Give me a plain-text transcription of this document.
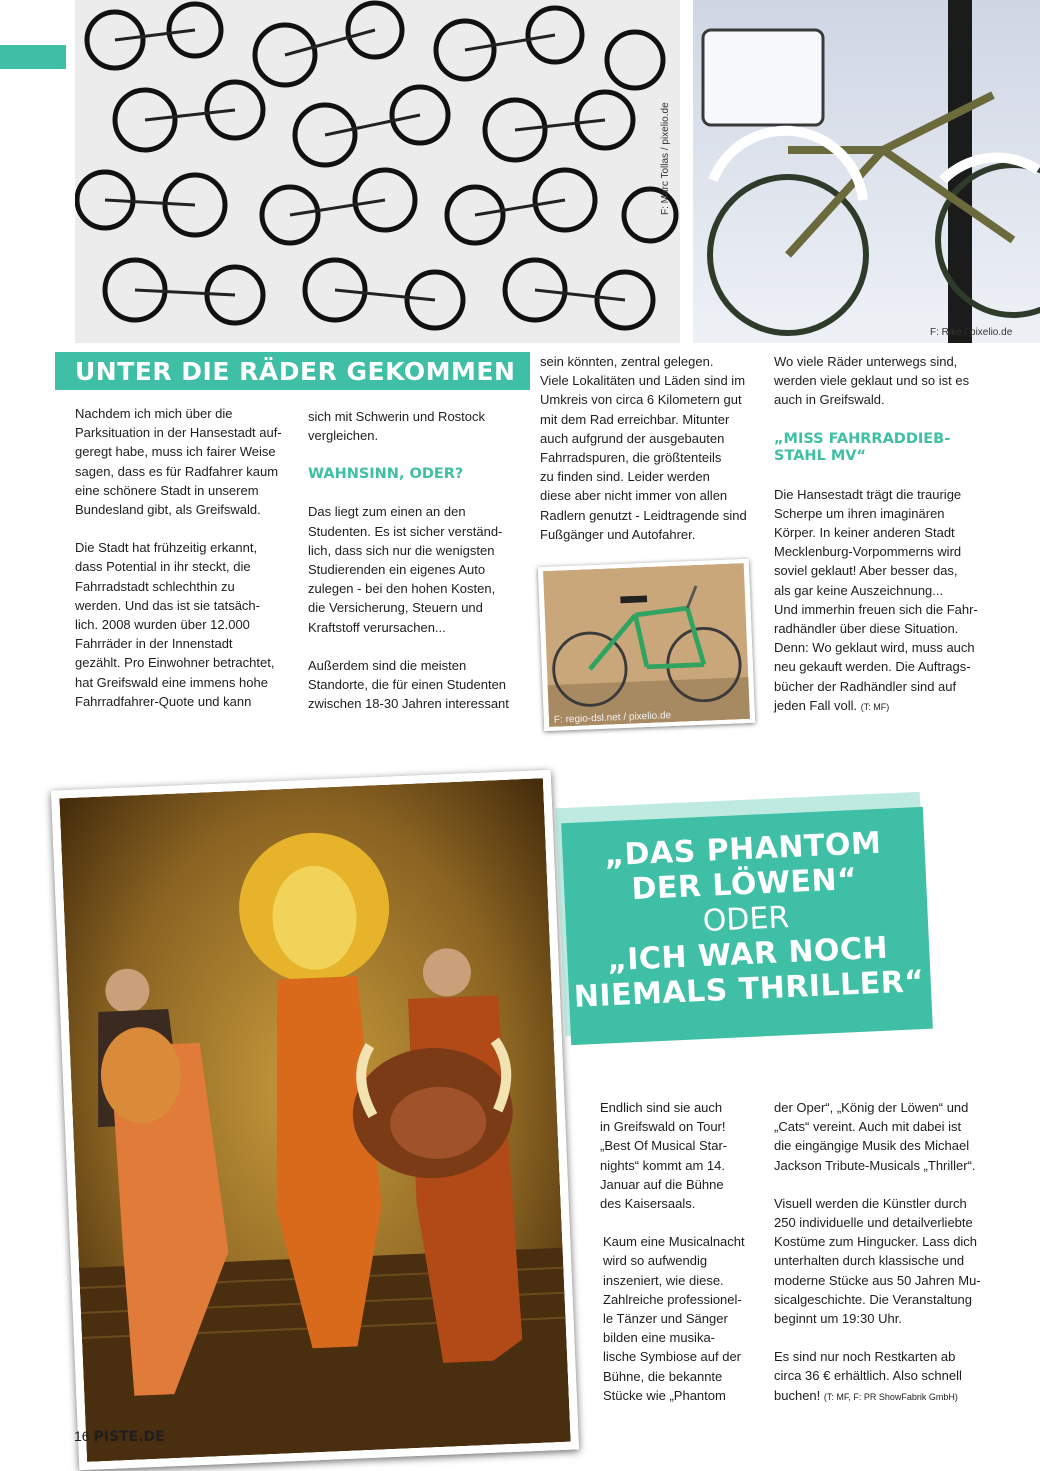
F: Marc Tollas / pixelio.de
F: Rike / pixelio.de
UNTER DIE RÄDER GEKOMMEN

Nachdem ich mich über die
Parksituation in der Hansestadt auf-
geregt habe, muss ich fairer Weise
sagen, dass es für Radfahrer kaum
eine schönere Stadt in unserem
Bundesland gibt, als Greifswald.

Die Stadt hat frühzeitig erkannt,
dass Potential in ihr steckt, die
Fahrradstadt schlechthin zu
werden. Und das ist sie tatsäch-
lich. 2008 wurden über 12.000
Fahrräder in der Innenstadt
gezählt. Pro Einwohner betrachtet,
hat Greifswald eine immens hohe
Fahrradfahrer-Quote und kann

sich mit Schwerin und Rostock
vergleichen.

WAHNSINN, ODER?

Das liegt zum einen an den
Studenten. Es ist sicher verständ-
lich, dass sich nur die wenigsten
Studierenden ein eigenes Auto
zulegen - bei den hohen Kosten,
die Versicherung, Steuern und
Kraftstoff verursachen...

Außerdem sind die meisten
Standorte, die für einen Studenten
zwischen 18-30 Jahren interessant

sein könnten, zentral gelegen.
Viele Lokalitäten und Läden sind im
Umkreis von circa 6 Kilometern gut
mit dem Rad erreichbar. Mitunter
auch aufgrund der ausgebauten
Fahrradspuren, die größtenteils
zu finden sind. Leider werden
diese aber nicht immer von allen
Radlern genutzt - Leidtragende sind
Fußgänger und Autofahrer.

Wo viele Räder unterwegs sind,
werden viele geklaut und so ist es
auch in Greifswald.

„MISS FAHRRADDIEB-
STAHL MV“

Die Hansestadt trägt die traurige
Scherpe um ihren imaginären
Körper. In keiner anderen Stadt
Mecklenburg-Vorpommerns wird
soviel geklaut! Aber besser das,
als gar keine Auszeichnung...
Und immerhin freuen sich die Fahr-
radhändler über diese Situation.
Denn: Wo geklaut wird, muss auch
neu gekauft werden. Die Auftrags-
bücher der Radhändler sind auf
jeden Fall voll. (T: MF)

F: regio-dsl.net / pixelio.de
„DAS PHANTOM
DER LÖWEN“
ODER
„ICH WAR NOCH
NIEMALS THRILLER“

Endlich sind sie auch
in Greifswald on Tour!
„Best Of Musical Star-
nights“ kommt am 14.
Januar auf die Bühne
des Kaisersaals.

Kaum eine Musicalnacht
wird so aufwendig
inszeniert, wie diese.
Zahlreiche professionel-
le Tänzer und Sänger
bilden eine musika-
lische Symbiose auf der
Bühne, die bekannte
Stücke wie „Phantom

der Oper“, „König der Löwen“ und
„Cats“ vereint. Auch mit dabei ist
die eingängige Musik des Michael
Jackson Tribute-Musicals „Thriller“.

Visuell werden die Künstler durch
250 individuelle und detailverliebte
Kostüme zum Hingucker. Lass dich
unterhalten durch klassische und
moderne Stücke aus 50 Jahren Mu-
sicalgeschichte. Die Veranstaltung
beginnt um 19:30 Uhr.

Es sind nur noch Restkarten ab
circa 36 € erhältlich. Also schnell
buchen! (T: MF, F: PR ShowFabrik GmbH)

16 PISTE.DE
